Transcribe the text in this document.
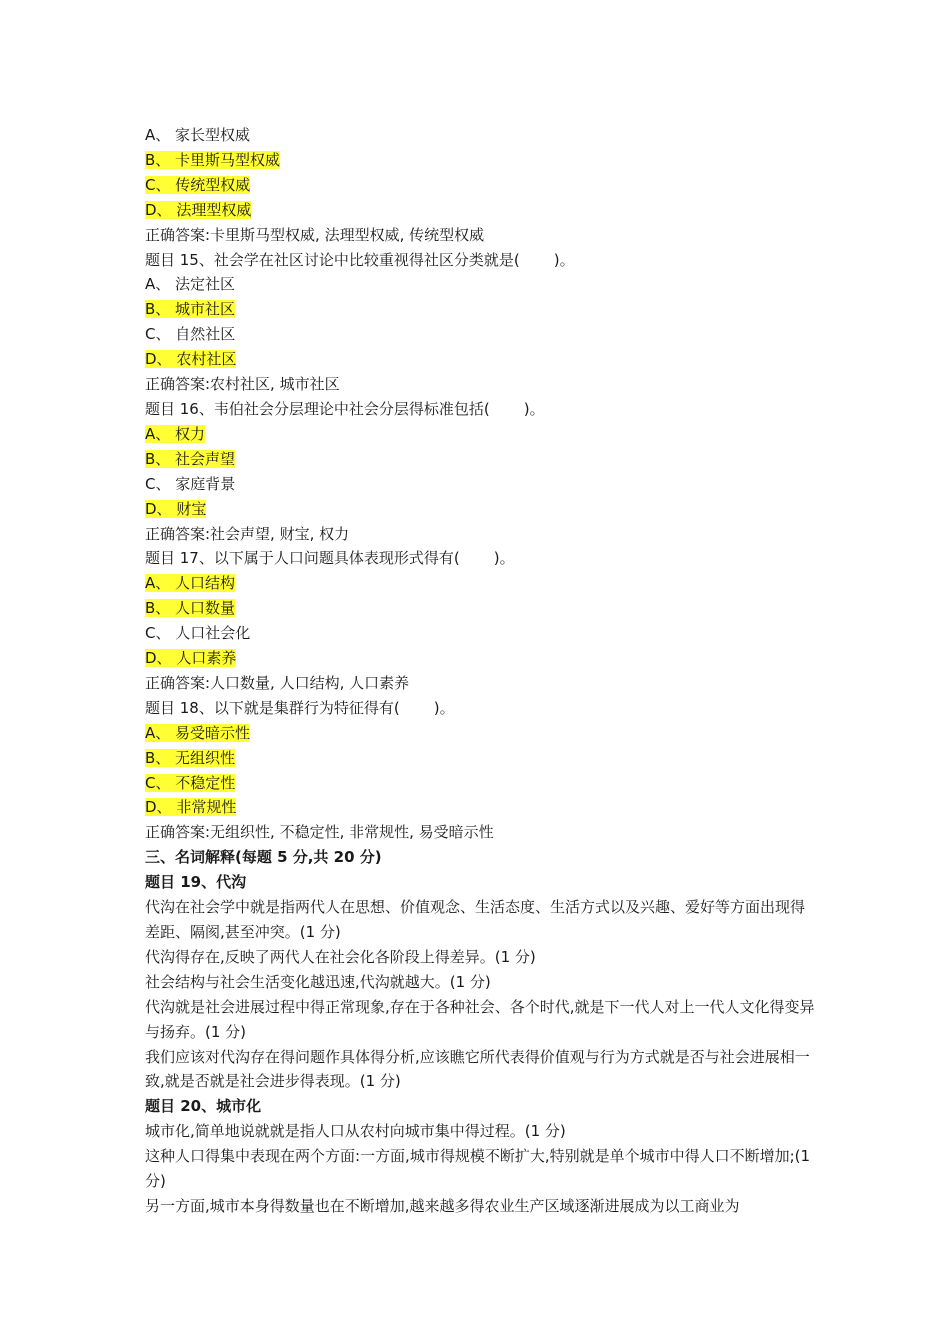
A、 家长型权威
B、 卡里斯马型权威
C、 传统型权威
D、 法理型权威
正确答案:卡里斯马型权威, 法理型权威, 传统型权威
题目 15、社会学在社区讨论中比较重视得社区分类就是( )。
A、 法定社区
B、 城市社区
C、 自然社区
D、 农村社区
正确答案:农村社区, 城市社区
题目 16、韦伯社会分层理论中社会分层得标准包括( )。
A、 权力
B、 社会声望
C、 家庭背景
D、 财宝
正确答案:社会声望, 财宝, 权力
题目 17、以下属于人口问题具体表现形式得有( )。
A、 人口结构
B、 人口数量
C、 人口社会化
D、 人口素养
正确答案:人口数量, 人口结构, 人口素养
题目 18、以下就是集群行为特征得有( )。
A、 易受暗示性
B、 无组织性
C、 不稳定性
D、 非常规性
正确答案:无组织性, 不稳定性, 非常规性, 易受暗示性
三、名词解释(每题 5 分,共 20 分)
题目 19、代沟
代沟在社会学中就是指两代人在思想、价值观念、生活态度、生活方式以及兴趣、爱好等方面出现得差距、隔阂,甚至冲突。(1 分)
代沟得存在,反映了两代人在社会化各阶段上得差异。(1 分)
社会结构与社会生活变化越迅速,代沟就越大。(1 分)
代沟就是社会进展过程中得正常现象,存在于各种社会、各个时代,就是下一代人对上一代人文化得变异与扬弃。(1 分)
我们应该对代沟存在得问题作具体得分析,应该瞧它所代表得价值观与行为方式就是否与社会进展相一致,就是否就是社会进步得表现。(1 分)
题目 20、城市化
城市化,简单地说就就是指人口从农村向城市集中得过程。(1 分)
这种人口得集中表现在两个方面:一方面,城市得规模不断扩大,特别就是单个城市中得人口不断增加;(1 分)
另一方面,城市本身得数量也在不断增加,越来越多得农业生产区域逐渐进展成为以工商业为
